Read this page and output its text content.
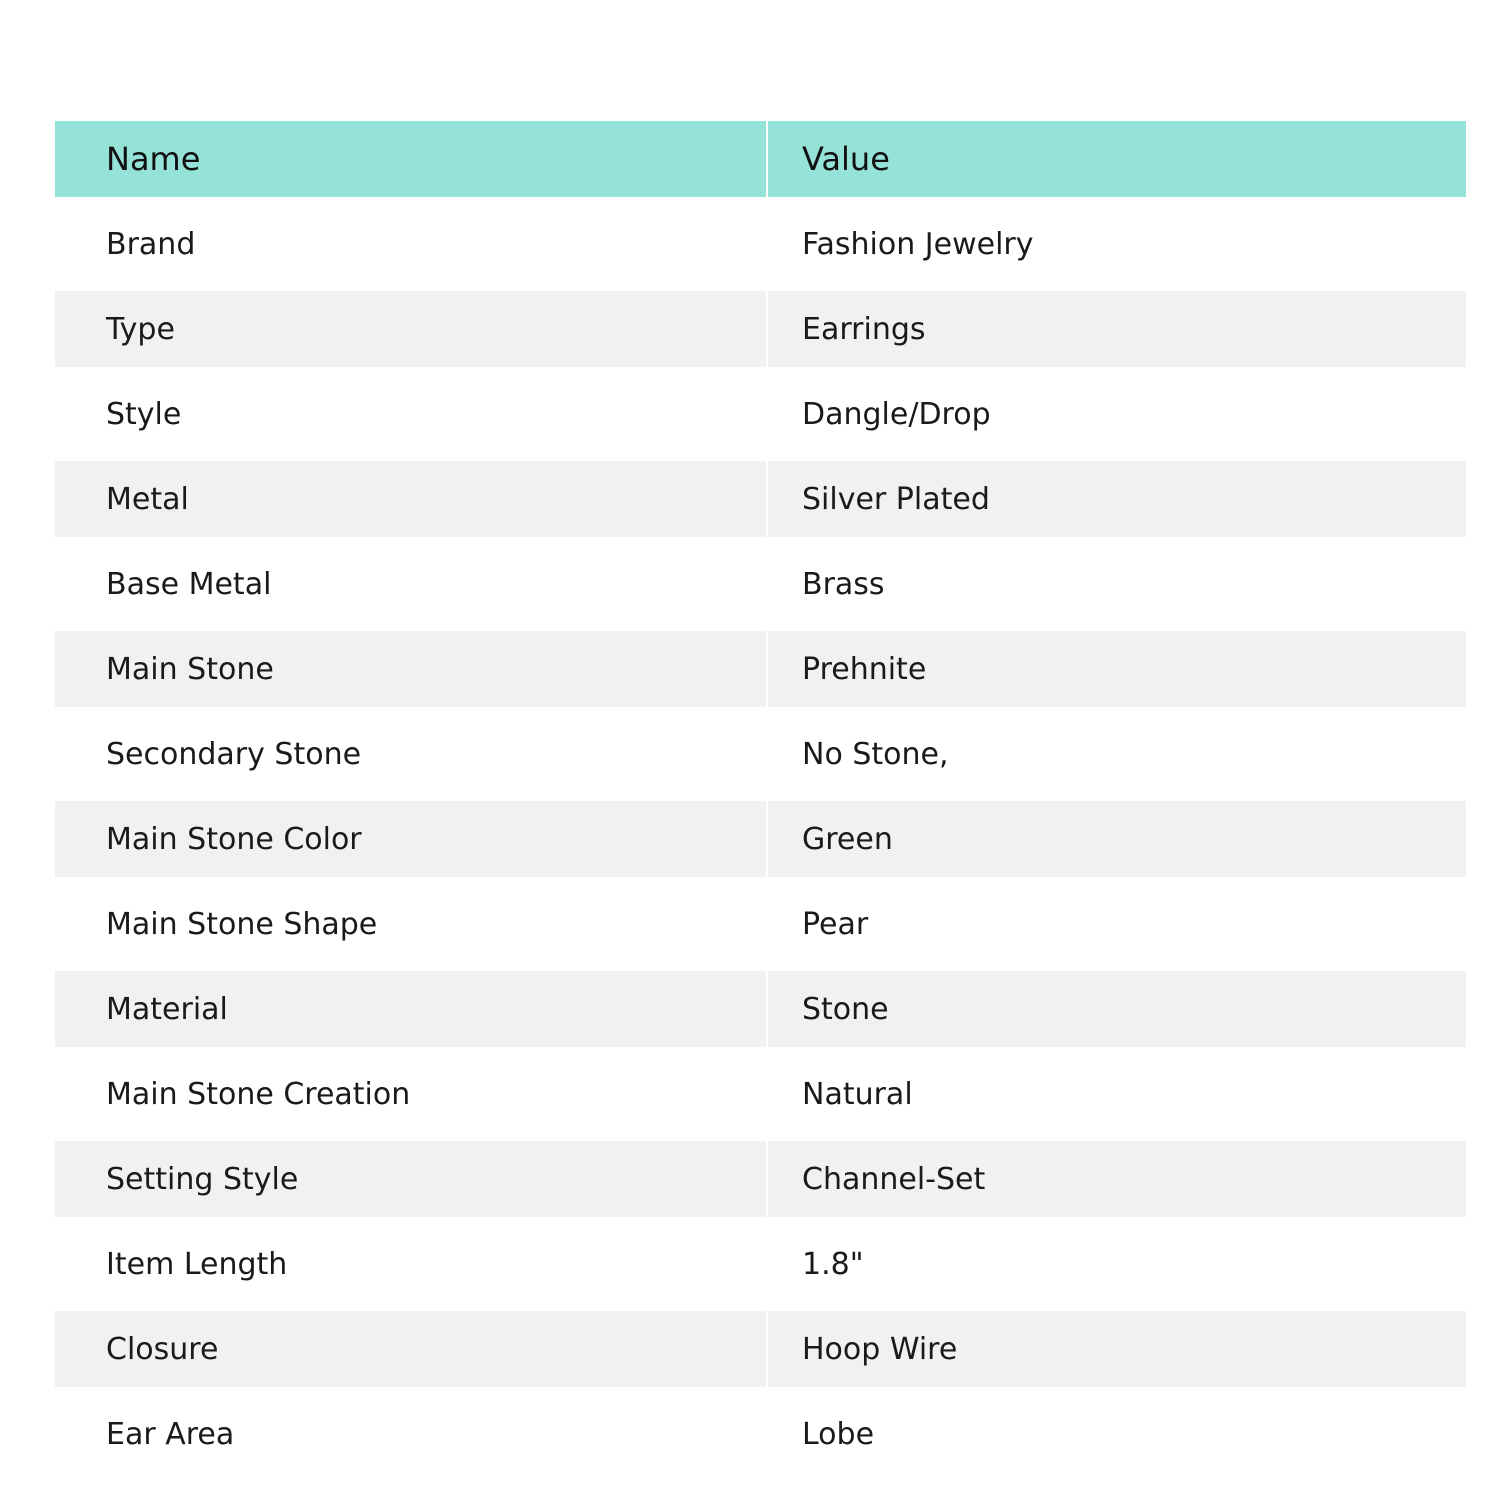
Name	Value
Brand	Fashion Jewelry
Type	Earrings
Style	Dangle/Drop
Metal	Silver Plated
Base Metal	Brass
Main Stone	Prehnite
Secondary Stone	No Stone,
Main Stone Color	Green
Main Stone Shape	Pear
Material	Stone
Main Stone Creation	Natural
Setting Style	Channel-Set
Item Length	1.8"
Closure	Hoop Wire
Ear Area	Lobe
